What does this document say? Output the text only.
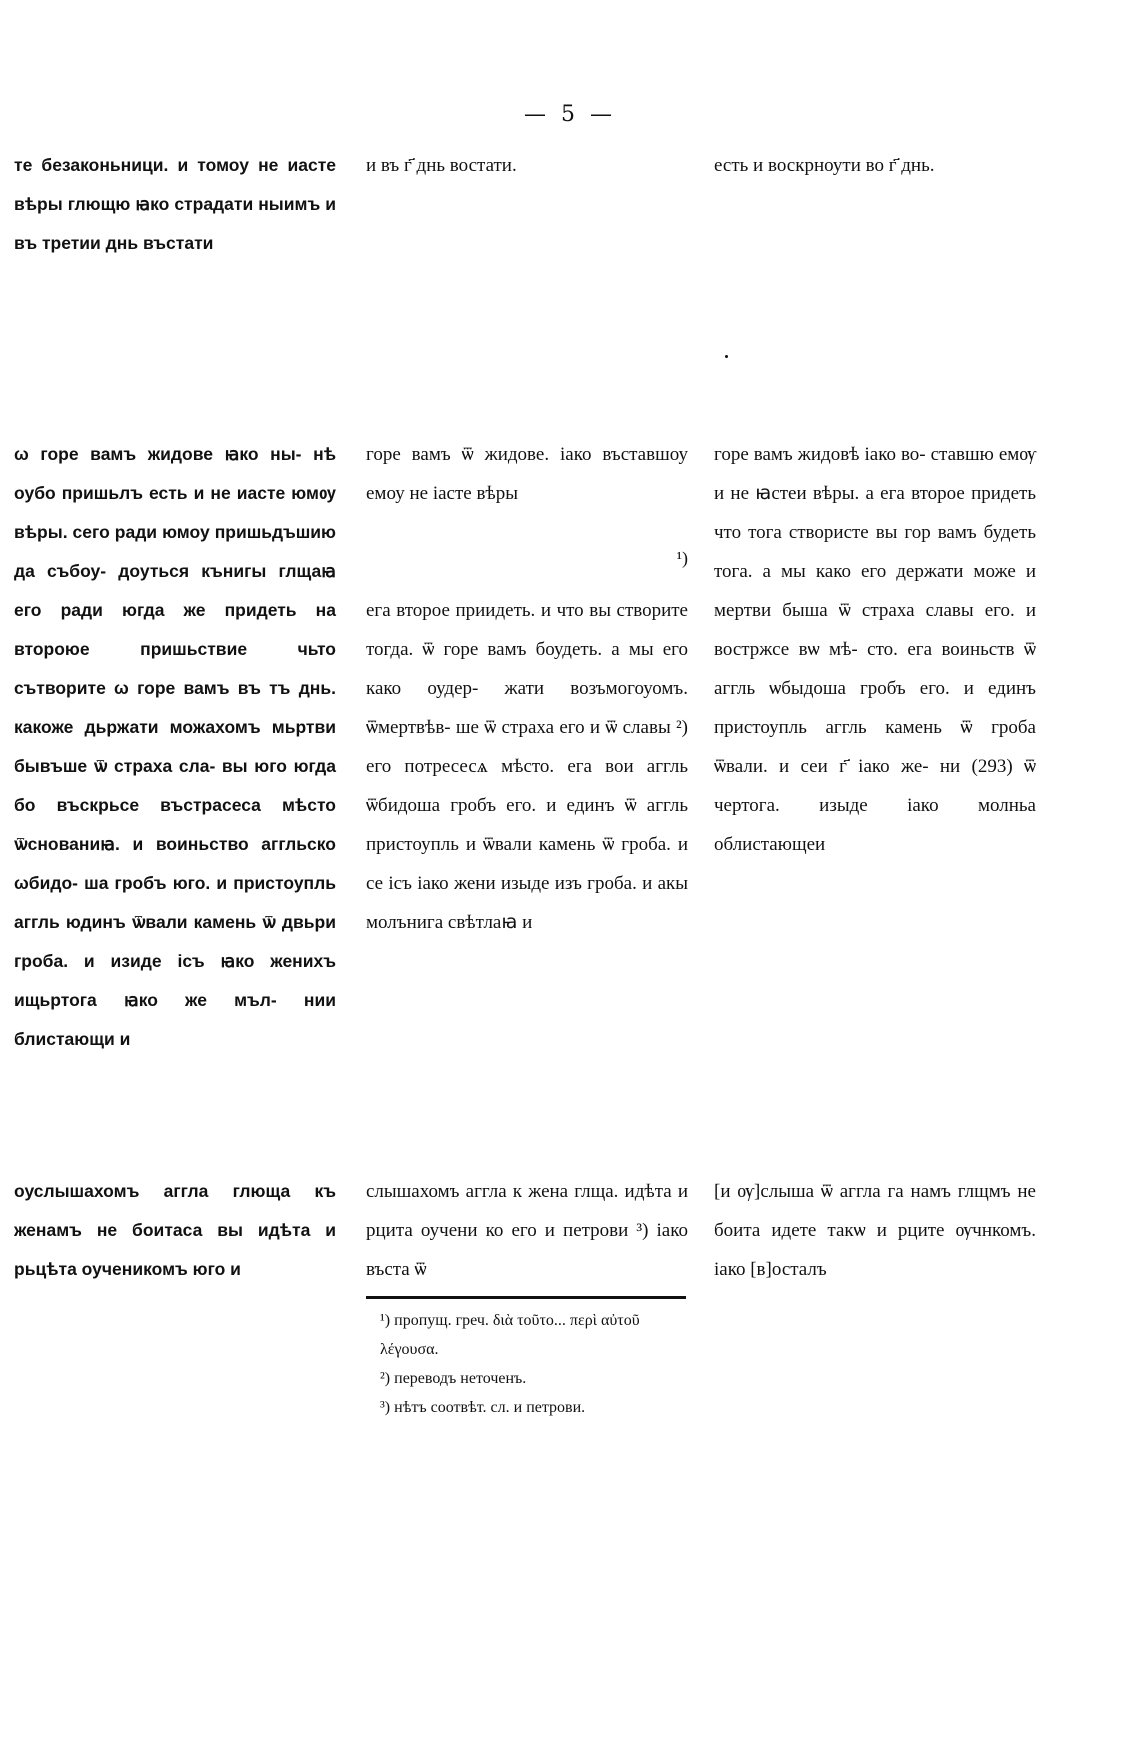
— 5 —

те безаконьници. и томоу не иасте вѣры глющю ꙗко страдати ныимъ и въ третии днь въстати

и въ г҃ днь востати.	есть и воскрноути во г҃ днь.

ω горе вамъ жидове ꙗко ны- нѣ оубо пришьлъ есть и не иасте юмѹ вѣры. сего ради юмоу пришьдъшию да събоу- доуться кънигы глщаꙗ его ради югда же придеть на второюе пришьствие чьто сътворите ω горе вамъ въ тъ днь. какоже дьржати можахомъ мьртви бывъше ѿ страха сла- вы юго югда бо въскрьсе въстрасеса мѣсто ѿснованиꙗ. и воиньство аггльско ωбидо- ша гробъ юго. и пристоупль аггль юдинъ ѿвали камень ѿ двьри гроба. и изиде ісъ ꙗко женихъ ищьртога ꙗко же мъл- нии блистающи и

горе вамъ ѿ жидове. іако въставшоу емоу не іасте вѣры

¹)

ега второе приидеть. и что вы створите тогда. ѿ горе вамъ боудеть. а мы его како оудер- жати возъмогоуомъ. ѿмертвѣв- ше ѿ страха его и ѿ славы ²) его потресесѧ мѣсто. ега вои аггль ѿбидоша гробъ его. и единъ ѿ аггль пристоупль и ѿвали камень ѿ гроба. и се ісъ іако жени изыде изъ гроба. и акы молънига свѣтлаꙗ и

горе вамъ жидовѣ іако во- ставшю емѹ и не ꙗстеи вѣры. а ега второе придеть что тога створисте вы гор вамъ будеть тога. а мы како его держати може и мертви быша ѿ страха славы его. и востржсе вѡ мѣ- сто. ега воиньств ѿ аггль ѡбыдоша гробъ его. и единъ пристоупль аггль камень ѿ гроба ѿвали. и сеи г҃ іако же- ни (293) ѿ чертога. изыде іако молньа облистающеи

оуслышахомъ аггла глюща къ женамъ не боитаса вы идѣта и рьцѣта оученикомъ юго и

слышахомъ аггла к жена глща. идѣта и рцита оучени ко его и петрови ³) іако въста ѿ

[и ѹ]слыша ѿ аггла га намъ глщмъ не боита идете такѡ и рците ѹчнкомъ. іако [в]осталъ

¹) пропущ. греч. διὰ τοῦτο... περὶ αὐτοῦ λέγουσα.

²) переводъ неточенъ.

³) нѣтъ соотвѣт. сл. и петрови.
